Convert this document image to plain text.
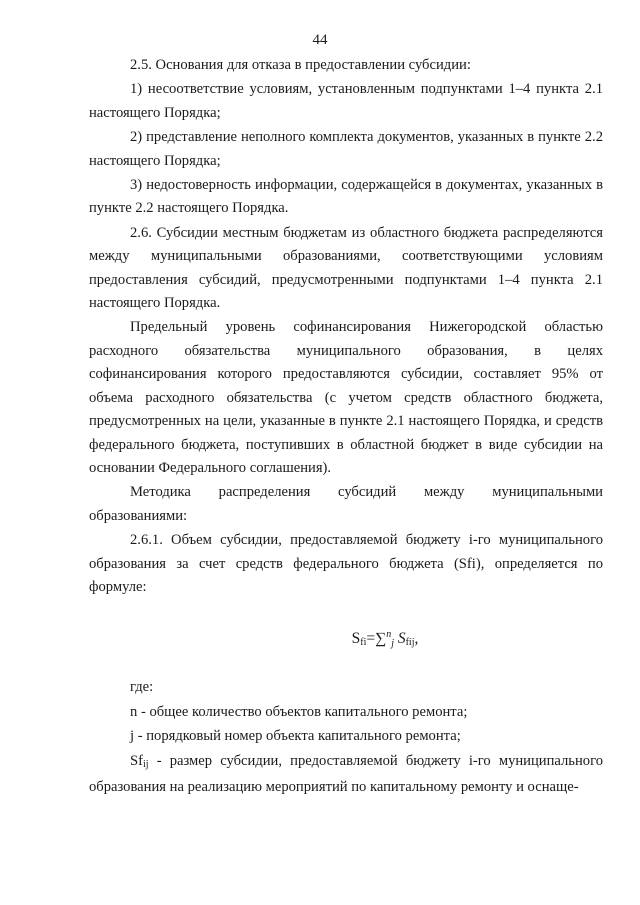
44

2.5. Основания для отказа в предоставлении субсидии:

1) несоответствие условиям, установленным подпунктами 1–4 пункта 2.1 настоящего Порядка;

2) представление неполного комплекта документов, указанных в пункте 2.2 настоящего Порядка;

3) недостоверность информации, содержащейся в документах, указанных в пункте 2.2 настоящего Порядка.

2.6. Субсидии местным бюджетам из областного бюджета распределяются между муниципальными образованиями, соответствующими условиям предоставления субсидий, предусмотренными подпунктами 1–4 пункта 2.1 настоящего Порядка.

Предельный уровень софинансирования Нижегородской областью расходного обязательства муниципального образования, в целях софинансирования которого предоставляются субсидии, составляет 95% от объема расходного обязательства (с учетом средств областного бюджета, предусмотренных на цели, указанные в пункте 2.1 настоящего Порядка, и средств федерального бюджета, поступивших в областной бюджет в виде субсидии на основании Федерального соглашения).

Методика распределения субсидий между муниципальными образованиями:

2.6.1. Объем субсидии, предоставляемой бюджету i-го муниципального образования за счет средств федерального бюджета (Sfi), определяется по формуле:

$S_{fi}=\sum^nj$ $S_{fij}$,

где:

n - общее количество объектов капитального ремонта;

j - порядковый номер объекта капитального ремонта;

$Sf_{ij}$ - размер субсидии, предоставляемой бюджету i-го муниципального образования на реализацию мероприятий по капитальному ремонту и оснаще-
